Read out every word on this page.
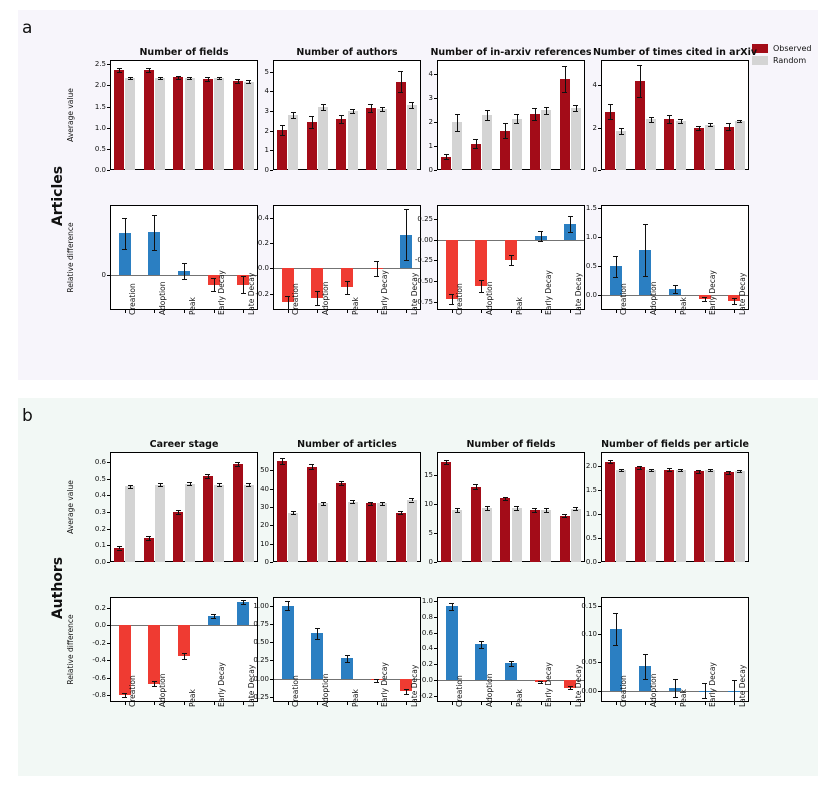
a
b
Articles
Authors
Observed
Random
0.0
0.5
1.0
1.5
2.0
2.5
Number of fields
Average value
0
1
2
3
4
5
Number of authors
0
1
2
3
4
Number of in-arxiv references
0
2
4
Number of times cited in arXiv
0
Creation	Adoption	Peak	Early Decay	Late Decay
Relative difference
-0.2
0.0
0.2
0.4
Creation	Adoption	Peak	Early Decay	Late Decay
-0.75
-0.50
-0.25
0.00
0.25
Creation	Adoption	Peak	Early Decay	Late Decay 0.0
0.5
1.0
1.5
Creation	Adoption	Peak	Early Decay	Late Decay
0.0
0.1
0.2
0.3
0.4
0.5
0.6
Career stage
Average value
0
10
20
30
40
50
Number of articles
0
5
10
15
Number of fields
0.0
0.5
1.0
1.5
2.0
Number of fields per article
-0.8
-0.6
-0.4
-0.2
0.0
0.2
Creation	Adoption	Peak	Early Decay	Late Decay
Relative difference
-0.25
0.00
0.25
0.50
0.75
1.00
Creation	Adoption	Peak	Early Decay	Late Decay -0.2
0.0
0.2
0.4
0.6
0.8
1.0
Creation	Adoption	Peak	Early Decay	Late Decay
0.00
0.05
0.10
0.15
Creation	Adoption	Peak	Early Decay	Late Decay
